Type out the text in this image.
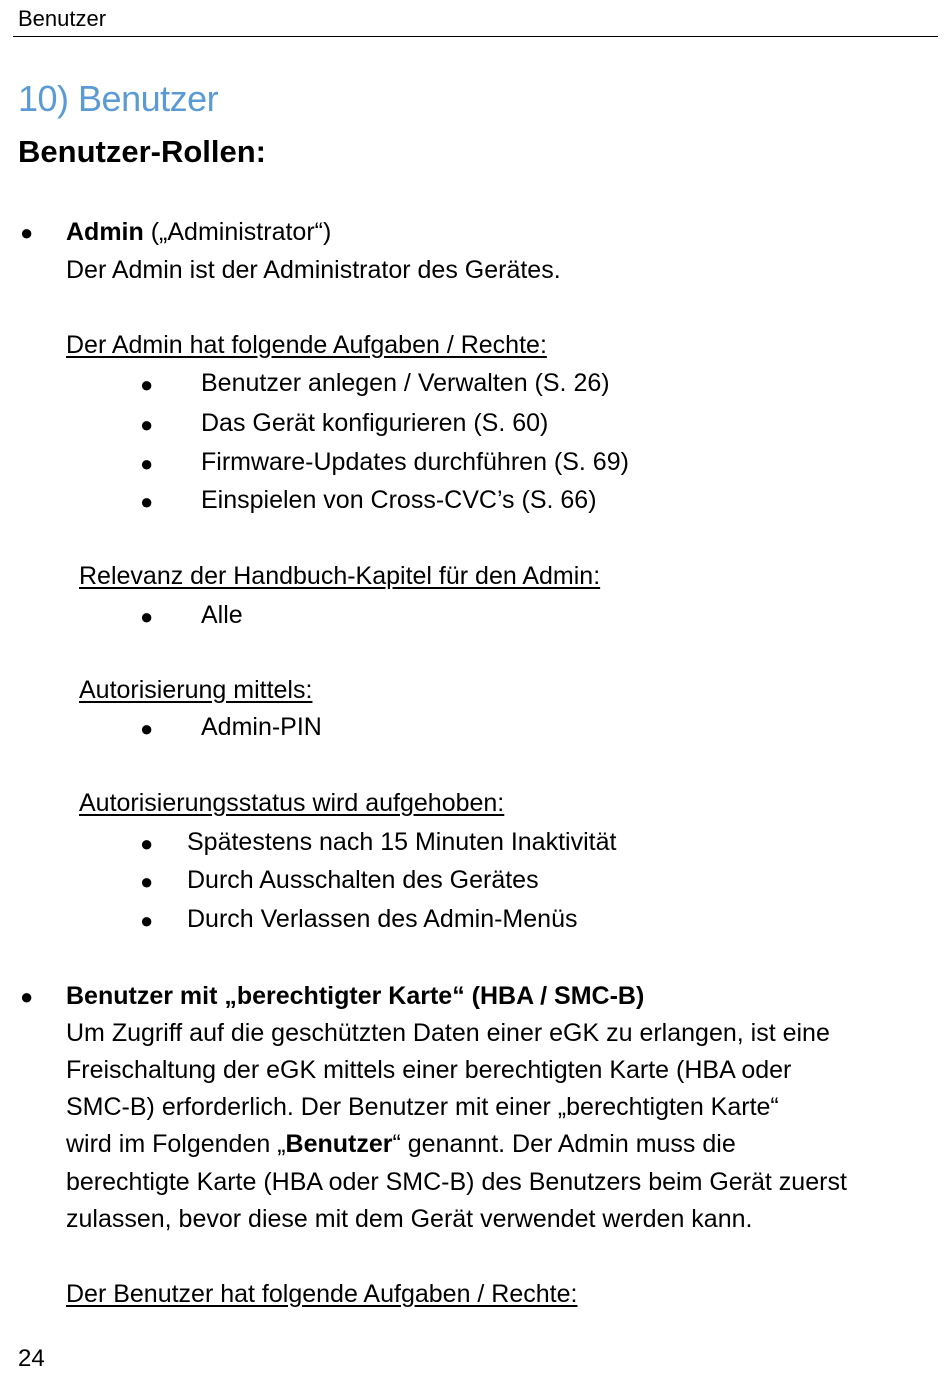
Benutzer
10) Benutzer
Benutzer-Rollen:
● Admin („Administrator“)
Der Admin ist der Administrator des Gerätes.
Der Admin hat folgende Aufgaben / Rechte:
● Benutzer anlegen / Verwalten (S. 26)
● Das Gerät konfigurieren (S. 60)
● Firmware-Updates durchführen (S. 69)
● Einspielen von Cross-CVC’s (S. 66)
Relevanz der Handbuch-Kapitel für den Admin:
● Alle
Autorisierung mittels:
● Admin-PIN
Autorisierungsstatus wird aufgehoben:
● Spätestens nach 15 Minuten Inaktivität
● Durch Ausschalten des Gerätes
● Durch Verlassen des Admin-Menüs
● Benutzer mit „berechtigter Karte“ (HBA / SMC-B)
Um Zugriff auf die geschützten Daten einer eGK zu erlangen, ist eine
Freischaltung der eGK mittels einer berechtigten Karte (HBA oder
SMC-B) erforderlich. Der Benutzer mit einer „berechtigten Karte“
wird im Folgenden „Benutzer“ genannt. Der Admin muss die
berechtigte Karte (HBA oder SMC-B) des Benutzers beim Gerät zuerst
zulassen, bevor diese mit dem Gerät verwendet werden kann.
Der Benutzer hat folgende Aufgaben / Rechte:
24
